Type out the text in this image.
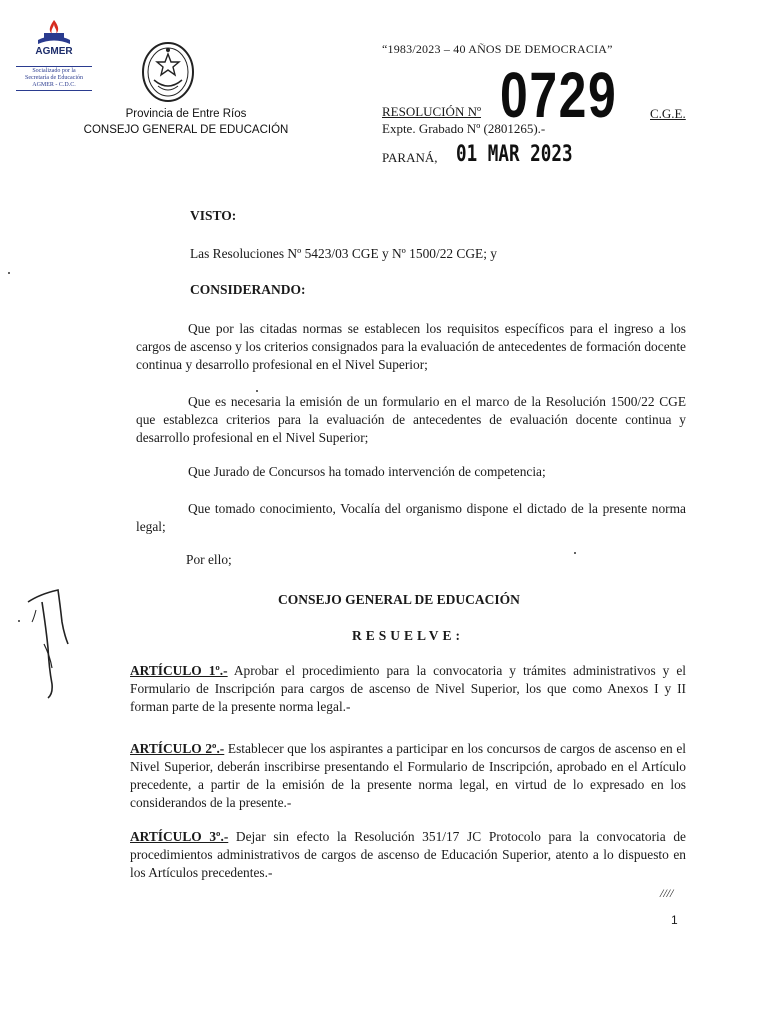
AGMER
Socializado por la
Secretaría de Educación
AGMER - C.D.C.
Provincia de Entre Ríos
CONSEJO GENERAL DE EDUCACIÓN
“1983/2023 – 40 AÑOS DE DEMOCRACIA”
RESOLUCIÓN Nº 0729	C.G.E.
Expte. Grabado Nº (2801265).-
PARANÁ, 01 MAR 2023
VISTO:
Las Resoluciones Nº 5423/03 CGE y Nº 1500/22 CGE; y
CONSIDERANDO:
Que por las citadas normas se establecen los requisitos específicos para el ingreso a los cargos de ascenso y los criterios consignados para la evaluación de antecedentes de formación docente continua y desarrollo profesional en el Nivel Superior;
Que es necesaria la emisión de un formulario en el marco de la Resolución 1500/22 CGE que establezca criterios para la evaluación de antecedentes de evaluación docente continua y desarrollo profesional en el Nivel Superior;
Que Jurado de Concursos ha tomado intervención de competencia;
Que tomado conocimiento, Vocalía del organismo dispone el dictado de la presente norma legal;
Por ello;
CONSEJO GENERAL DE EDUCACIÓN
RESUELVE:
ARTÍCULO 1º.- Aprobar el procedimiento para la convocatoria y trámites administrativos y el Formulario de Inscripción para cargos de ascenso de Nivel Superior, los que como Anexos I y II forman parte de la presente norma legal.-
ARTÍCULO 2º.- Establecer que los aspirantes a participar en los concursos de cargos de ascenso en el Nivel Superior, deberán inscribirse presentando el Formulario de Inscripción, aprobado en el Artículo precedente, a partir de la emisión de la presente norma legal, en virtud de lo expresado en los considerandos de la presente.-
ARTÍCULO 3º.- Dejar sin efecto la Resolución 351/17 JC Protocolo para la convocatoria de procedimientos administrativos de cargos de ascenso de Educación Superior, atento a lo dispuesto en los Artículos precedentes.-
////
1
